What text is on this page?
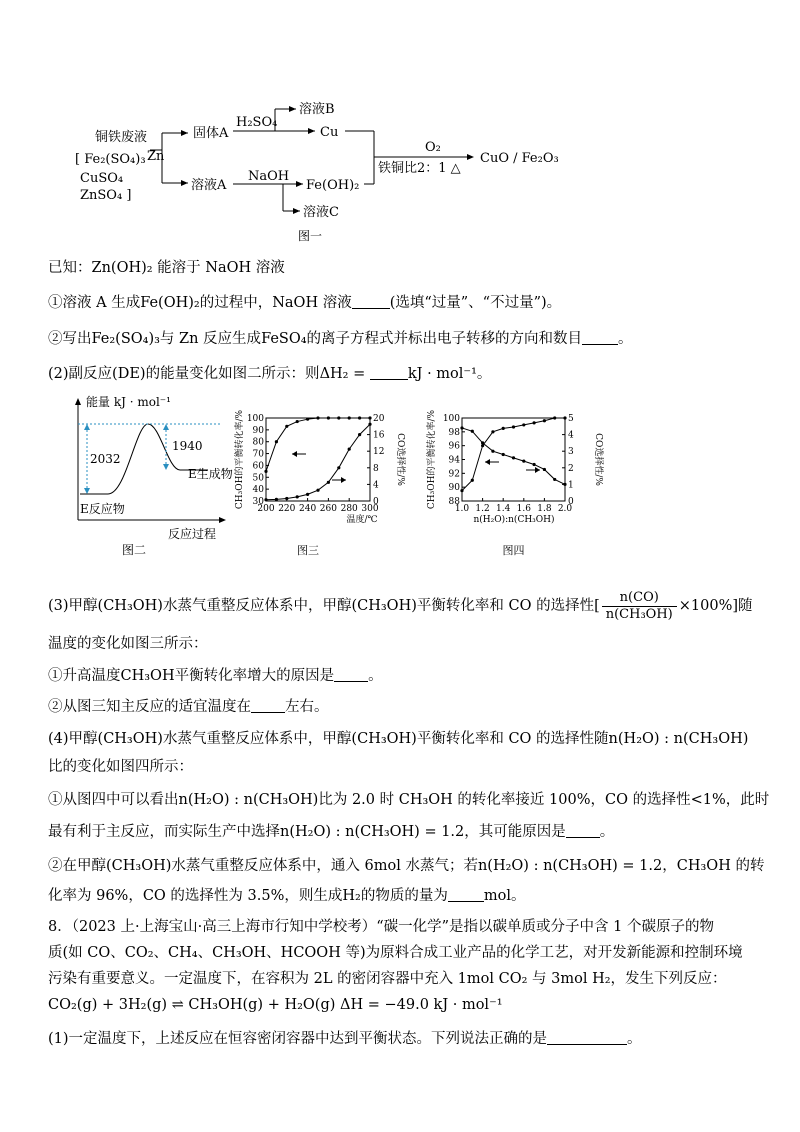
铜铁废液
[ Fe₂(SO₄)₃
CuSO₄
ZnSO₄ ]
Zn
固体A
H₂SO₄
溶液B
Cu
溶液A
NaOH
Fe(OH)₂
溶液C
O₂
铁铜比2：1 △
CuO / Fe₂O₃
图一
已知：Zn(OH)₂ 能溶于 NaOH 溶液
①溶液 A 生成Fe(OH)₂的过程中，NaOH 溶液	(选填“过量”、“不过量”)。
②写出Fe₂(SO₄)₃与 Zn 反应生成FeSO₄的离子方程式并标出电子转移的方向和数目 。
(2)副反应(DE)的能量变化如图二所示：则ΔH₂ =	kJ · mol⁻¹。
能量 kJ · mol⁻¹
2032
1940
E生成物
E反应物
反应过程
图二
200 220 240 260 280 300
30
40
50
60
70
80
90
100
0
4
8
12
16
20
CH₃OH的平衡转化率/%	CO选择性/%
温度/℃
图三
1.0 1.2 1.4 1.6 1.8 2.0
88
90
92
94
96
98
100
0
1
2
3
4
5
CH₃OH的平衡转化率/%	CO选择性/%
n(H₂O):n(CH₃OH)
图四
(3)甲醇(CH₃OH)水蒸气重整反应体系中，甲醇(CH₃OH)平衡转化率和 CO 的选择性[ $\frac{n(CO)}{\text{n(CH₃OH)}} \times 100\%$]随
温度的变化如图三所示：
①升高温度CH₃OH平衡转化率增大的原因是 。
②从图三知主反应的适宜温度在 左右。
(4)甲醇(CH₃OH)水蒸气重整反应体系中，甲醇(CH₃OH)平衡转化率和 CO 的选择性随n(H₂O) : n(CH₃OH)
比的变化如图四所示：
①从图四中可以看出n(H₂O) : n(CH₃OH)比为 2.0 时 CH₃OH 的转化率接近 100%，CO 的选择性<1%，此时
最有利于主反应，而实际生产中选择n(H₂O) : n(CH₃OH) = 1.2，其可能原因是 。
②在甲醇(CH₃OH)水蒸气重整反应体系中，通入 6mol 水蒸气；若n(H₂O) : n(CH₃OH) = 1.2，CH₃OH 的转
化率为 96%，CO 的选择性为 3.5%，则生成H₂的物质的量为 mol。
8．（2023 上·上海宝山·高三上海市行知中学校考）“碳一化学”是指以碳单质或分子中含 1 个碳原子的物
质(如 CO、CO₂、CH₄、CH₃OH、HCOOH 等)为原料合成工业产品的化学工艺，对开发新能源和控制环境
污染有重要意义。一定温度下，在容积为 2L 的密闭容器中充入 1mol CO₂ 与 3mol H₂，发生下列反应：
CO₂(g) + 3H₂(g) ⇌ CH₃OH(g) + H₂O(g) ΔH = −49.0 kJ · mol⁻¹
(1)一定温度下，上述反应在恒容密闭容器中达到平衡状态。下列说法正确的是	。
